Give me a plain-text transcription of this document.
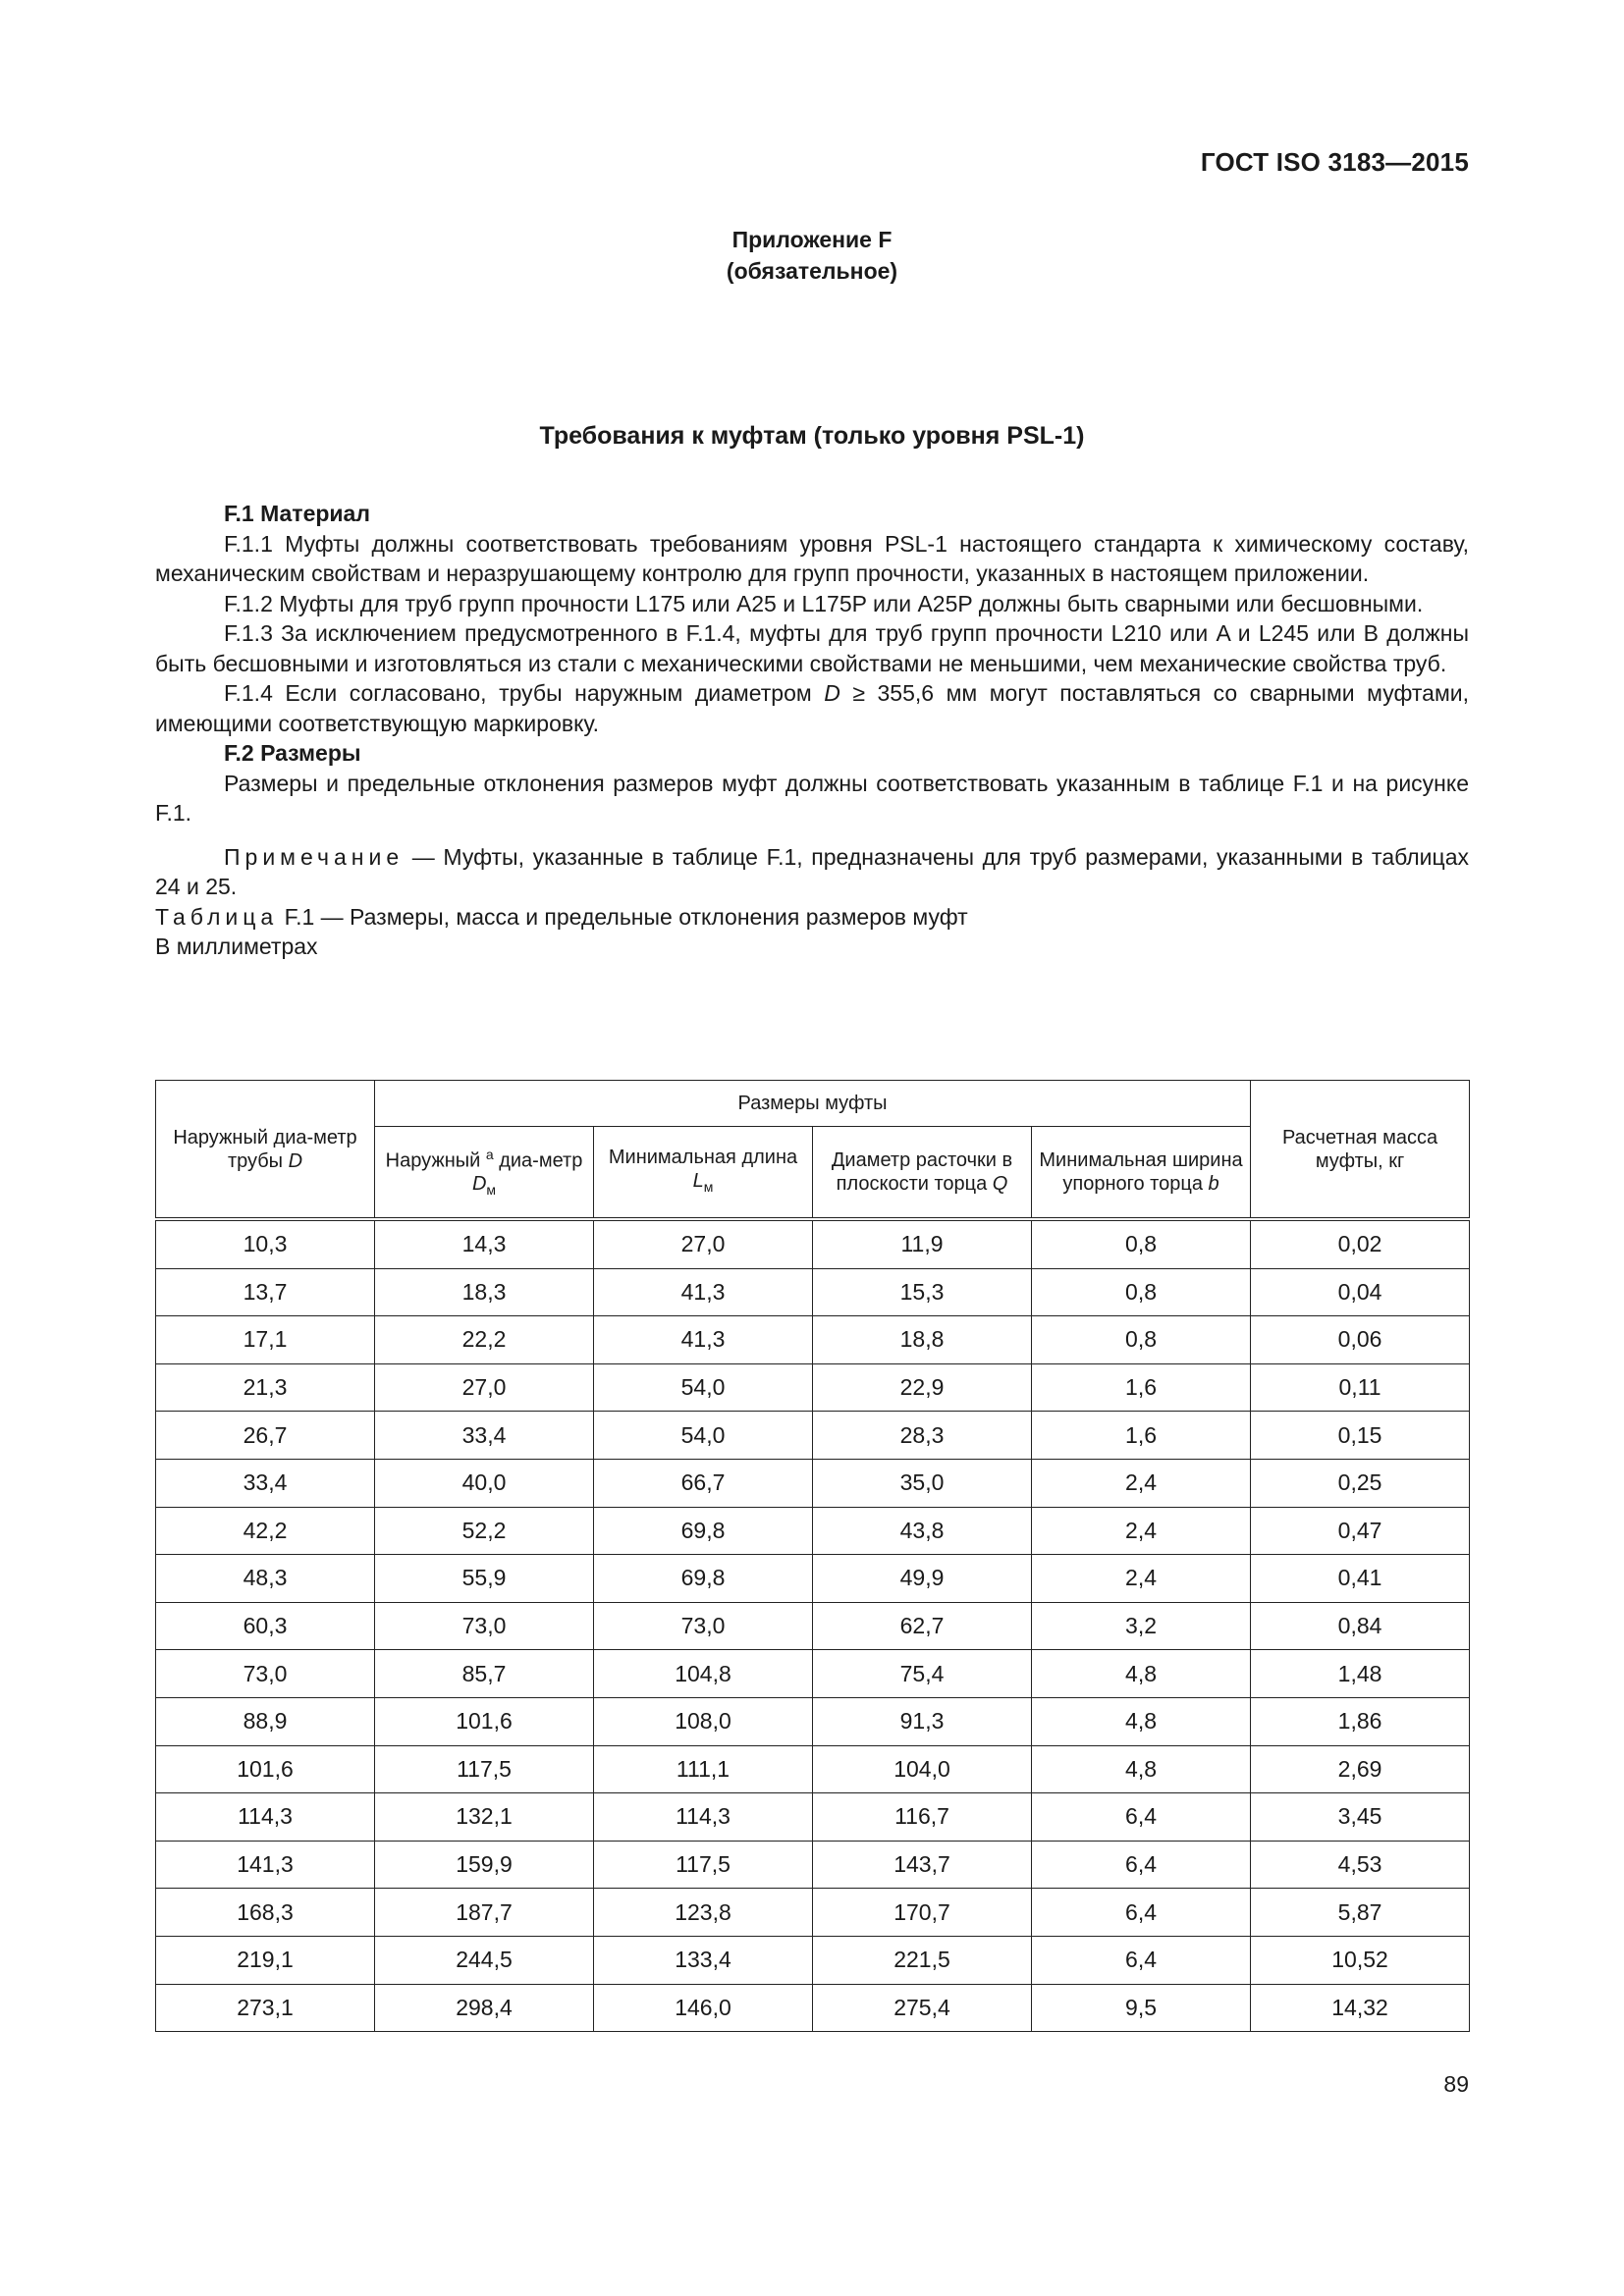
ГОСТ ISO 3183—2015
Приложение F
(обязательное)
Требования к муфтам (только уровня PSL-1)

F.1 Материал

F.1.1 Муфты должны соответствовать требованиям уровня PSL-1 настоящего стандарта к химическому составу, механическим свойствам и неразрушающему контролю для групп прочности, указанных в настоящем приложении.

F.1.2 Муфты для труб групп прочности L175 или A25 и L175P или A25P должны быть сварными или бесшовными.

F.1.3 За исключением предусмотренного в F.1.4, муфты для труб групп прочности L210 или A и L245 или B должны быть бесшовными и изготовляться из стали с механическими свойствами не меньшими, чем механические свойства труб.

F.1.4 Если согласовано, трубы наружным диаметром D ≥ 355,6 мм могут поставляться со сварными муфтами, имеющими соответствующую маркировку.

F.2 Размеры

Размеры и предельные отклонения размеров муфт должны соответствовать указанным в таблице F.1 и на рисунке F.1.

Примечание — Муфты, указанные в таблице F.1, предназначены для труб размерами, указанными в таблицах 24 и 25.

Таблица F.1 — Размеры, масса и предельные отклонения размеров муфт

В миллиметрах

Наружный диа-метр трубы D	Размеры муфты				Расчетная масса муфты, кг
	Наружный $^a$ диа-метр $D_м$	Минимальная длина $L_м$	Диаметр расточки в плоскости торца Q	Минимальная ширина упорного торца b	
10,3	14,3	27,0	11,9	0,8	0,02
13,7	18,3	41,3	15,3	0,8	0,04
17,1	22,2	41,3	18,8	0,8	0,06
21,3	27,0	54,0	22,9	1,6	0,11
26,7	33,4	54,0	28,3	1,6	0,15
33,4	40,0	66,7	35,0	2,4	0,25
42,2	52,2	69,8	43,8	2,4	0,47
48,3	55,9	69,8	49,9	2,4	0,41
60,3	73,0	73,0	62,7	3,2	0,84
73,0	85,7	104,8	75,4	4,8	1,48
88,9	101,6	108,0	91,3	4,8	1,86
101,6	117,5	111,1	104,0	4,8	2,69
114,3	132,1	114,3	116,7	6,4	3,45
141,3	159,9	117,5	143,7	6,4	4,53
168,3	187,7	123,8	170,7	6,4	5,87
219,1	244,5	133,4	221,5	6,4	10,52
273,1	298,4	146,0	275,4	9,5	14,32
89
